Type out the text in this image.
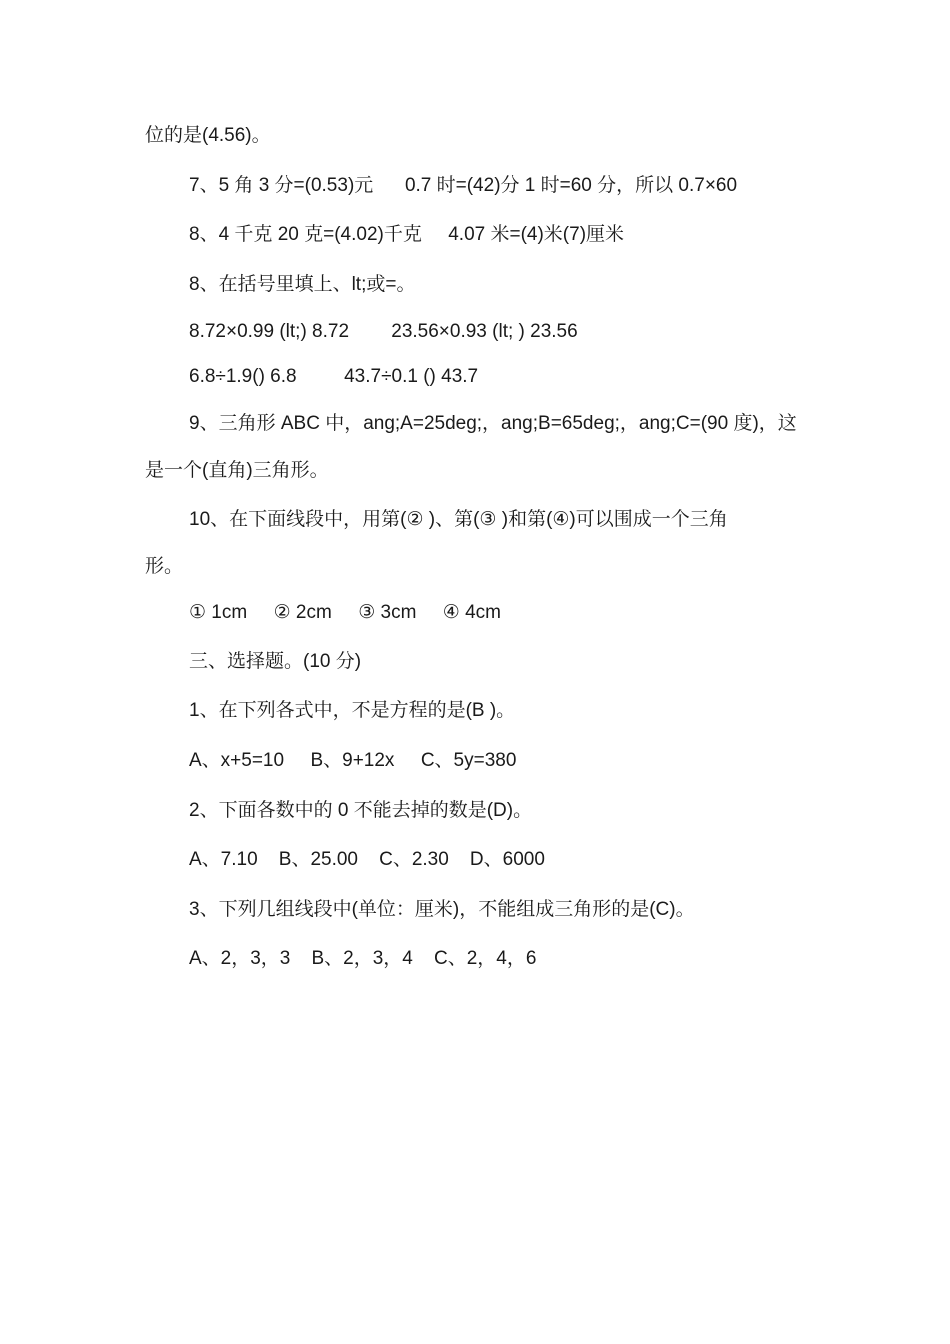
位的是(4.56)。
7、5 角 3 分=(0.53)元      0.7 时=(42)分 1 时=60 分，所以 0.7×60
8、4 千克 20 克=(4.02)千克     4.07 米=(4)米(7)厘米
8、在括号里填上、lt;或=。
8.72×0.99 (lt;) 8.72        23.56×0.93 (lt; ) 23.56
6.8÷1.9() 6.8         43.7÷0.1 () 43.7
9、三角形 ABC 中，ang;A=25deg;，ang;B=65deg;，ang;C=(90 度)，这
是一个(直角)三角形。
10、在下面线段中，用第(② )、第(③ )和第(④)可以围成一个三角
形。
① 1cm     ② 2cm     ③ 3cm     ④ 4cm
三、选择题。(10 分)
1、在下列各式中，不是方程的是(B )。
A、x+5=10     B、9+12x     C、5y=380
2、下面各数中的 0 不能去掉的数是(D)。
A、7.10    B、25.00    C、2.30    D、6000
3、下列几组线段中(单位：厘米)，不能组成三角形的是(C)。
A、2，3，3    B、2，3，4    C、2，4，6
